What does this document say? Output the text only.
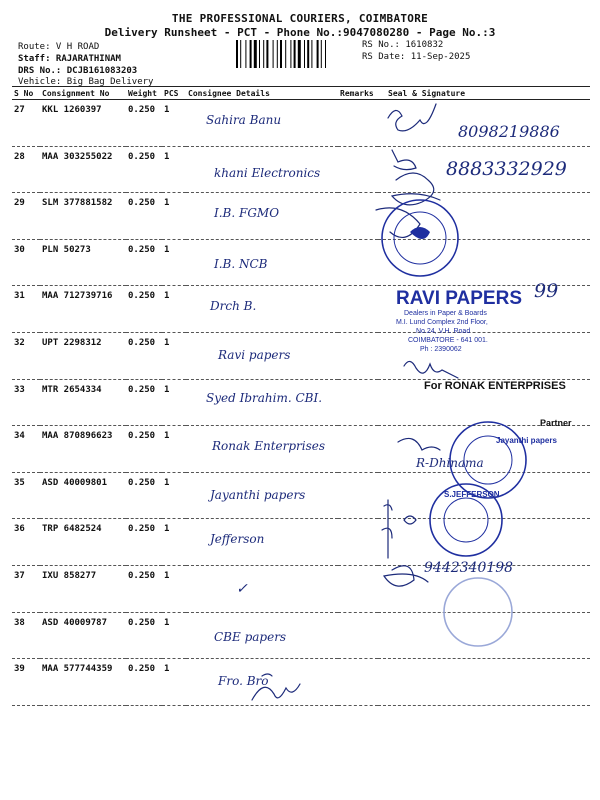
THE PROFESSIONAL COURIERS, COIMBATORE
Delivery Runsheet - PCT - Phone No.:9047080280 - Page No.:3
Route: V H ROAD
Staff: RAJARATHINAM
DRS No.: DCJB161083203
Vehicle: Big Bag Delivery
RS No.: 1610832
RS Date: 11-Sep-2025
S No	Consignment No	Weight	PCS	Consignee Details	Remarks	Seal & Signature
27	KKL 1260397	0.250	1	Sahira Banu		
28	MAA 303255022	0.250	1	khani Electronics		
29	SLM 377881582	0.250	1	I.B. FGMO		
30	PLN 50273	0.250	1	I.B. NCB		
31	MAA 712739716	0.250	1	Drch B.		
32	UPT 2298312	0.250	1	Ravi papers		
33	MTR 2654334	0.250	1	Syed Ibrahim. CBI.		
34	MAA 870896623	0.250	1	Ronak Enterprises		
35	ASD 40009801	0.250	1	Jayanthi papers		
36	TRP 6482524	0.250	1	Jefferson		
37	IXU 858277	0.250	1	✓		
38	ASD 40009787	0.250	1	CBE papers		
39	MAA 577744359	0.250	1	Fro. Bro		
8098219886
8883332929
99
9442340198
R-Dhinama
RAVI PAPERS
Dealers in Paper & Boards
M.I. Lund Complex 2nd Floor,
No.24, V.H. Road
COIMBATORE - 641 001.
Ph : 2390062
For RONAK ENTERPRISES
Partner
Jayanthi papers
S.JEFFERSON
